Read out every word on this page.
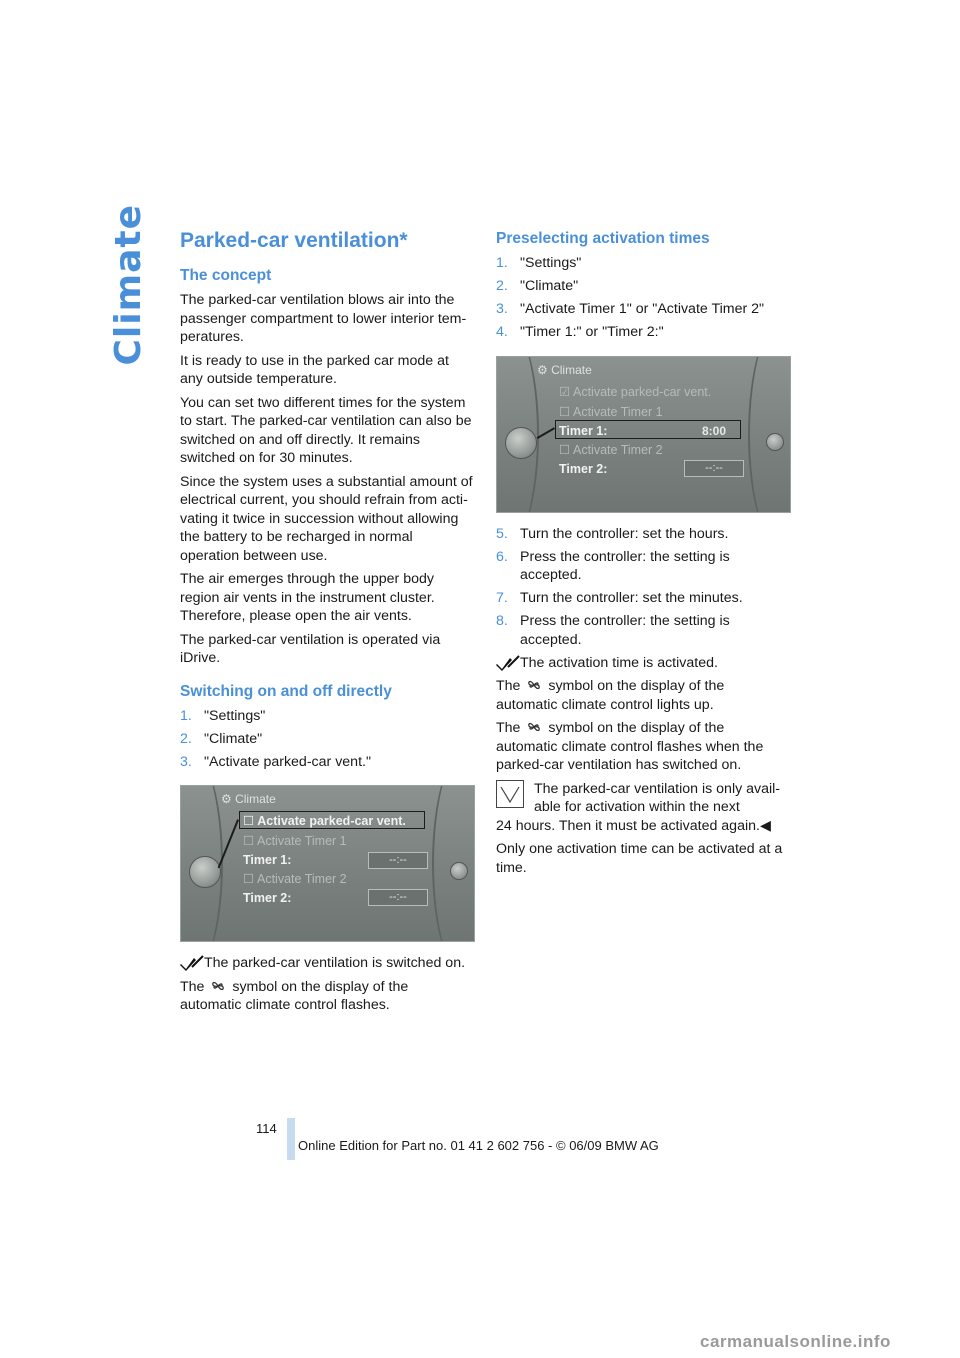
Climate Parked-car ventilation*
The concept

The parked-car ventilation blows air into the passenger compartment to lower interior tem-peratures.

It is ready to use in the parked car mode at any outside temperature.

You can set two different times for the system to start. The parked-car ventilation can also be switched on and off directly. It remains switched on for 30 minutes.

Since the system uses a substantial amount of electrical current, you should refrain from acti-vating it twice in succession without allowing the battery to be recharged in normal operation between use.

The air emerges through the upper body region air vents in the instrument cluster. Therefore, please open the air vents.

The parked-car ventilation is operated via iDrive.

Switching on and off directly
1. "Settings"
2. "Climate"
3. "Activate parked-car vent."
⚙ Climate
☐ Activate parked-car vent.
☐ Activate Timer 1
Timer 1:
☐ Activate Timer 2
Timer 2:
--:--
--:--
The parked-car ventilation is switched on.

The symbol on the display of the automatic climate control flashes.

Preselecting activation times
1. "Settings"
2. "Climate"
3. "Activate Timer 1" or "Activate Timer 2"
4. "Timer 1:" or "Timer 2:"
⚙ Climate
☑ Activate parked-car vent.
☐ Activate Timer 1
Timer 1:
☐ Activate Timer 2
Timer 2:
8:00
--:--
5. Turn the controller: set the hours.
6. Press the controller: the setting is accepted.
7. Turn the controller: set the minutes.
8. Press the controller: the setting is accepted.
The activation time is activated.

The symbol on the display of the automatic climate control lights up.

The symbol on the display of the automatic climate control flashes when the parked-car ventilation has switched on.

The parked-car ventilation is only avail-
able for activation within the next
24 hours. Then it must be activated again.◀

Only one activation time can be activated at a time.

114
Online Edition for Part no. 01 41 2 602 756 - © 06/09 BMW AG
carmanualsonline.info
